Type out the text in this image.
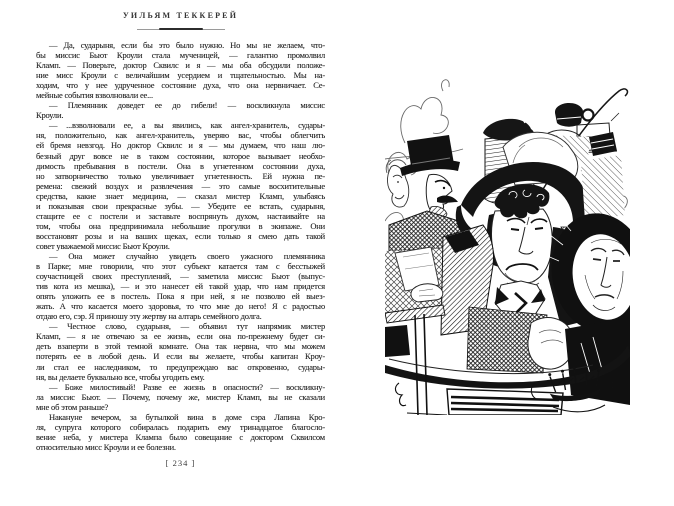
УИЛЬЯМ ТЕККЕРЕЙ
— Да, сударыня, если бы это было нужно. Но мы не желаем, что-
бы миссис Бьют Кроули стала мученицей, — галантно промолвил
Кламп. — Поверьте, доктор Сквилс и я — мы оба обсудили положе-
ние мисс Кроули с величайшим усердием и тщательностью. Мы на-
ходим, что у нее удрученное состояние духа, что она нервничает. Се-
мейные события взволновали ее...
— Племянник доведет ее до гибели! — воскликнула миссис
Кроули.
— ...взволновали ее, а вы явились, как ангел-хранитель, судары-
ня, положительно, как ангел-хранитель, уверяю вас, чтобы облегчить
ей бремя невзгод. Но доктор Сквилс и я — мы думаем, что наш лю-
безный друг вовсе не в таком состоянии, которое вызывает необхо-
димость пребывания в постели. Она в угнетенном состоянии духа,
но затворничество только увеличивает угнетенность. Ей нужна пе-
ремена: свежий воздух и развлечения — это самые восхитительные
средства, какие знает медицина, — сказал мистер Кламп, улыбаясь
и показывая свои прекрасные зубы. — Убедите ее встать, сударыня,
стащите ее с постели и заставьте воспрянуть духом, настаивайте на
том, чтобы она предпринимала небольшие прогулки в экипаже. Они
восстановят розы и на ваших щеках, если только я смею дать такой
совет уважаемой миссис Бьют Кроули.
— Она может случайно увидеть своего ужасного племянника
в Парке; мне говорили, что этот субъект катается там с бесстыжей
соучастницей своих преступлений, — заметила миссис Бьют (выпус-
тив кота из мешка), — и это нанесет ей такой удар, что нам придется
опять уложить ее в постель. Пока я при ней, я не позволю ей выез-
жать. А что касается моего здоровья, то что мне до него! Я с радостью
отдаю его, сэр. Я приношу эту жертву на алтарь семейного долга.
— Честное слово, сударыня, — объявил тут напрямик мистер
Кламп, — я не отвечаю за ее жизнь, если она по-прежнему будет си-
деть взаперти в этой темной комнате. Она так нервна, что мы можем
потерять ее в любой день. И если вы желаете, чтобы капитан Кроу-
ли стал ее наследником, то предупреждаю вас откровенно, судары-
ня, вы делаете буквально все, чтобы угодить ему.
— Боже милостивый! Разве ее жизнь в опасности? — воскликну-
ла миссис Бьют. — Почему, почему же, мистер Кламп, вы не сказали
мне об этом раньше?
Накануне вечером, за бутылкой вина в доме сэра Лапина Кро-
ля, супруга которого собиралась подарить ему тринадцатое благосло-
вение неба, у мистера Клампа было совещание с доктором Сквилсом
относительно мисс Кроули и ее болезни.
[ 234 ]
